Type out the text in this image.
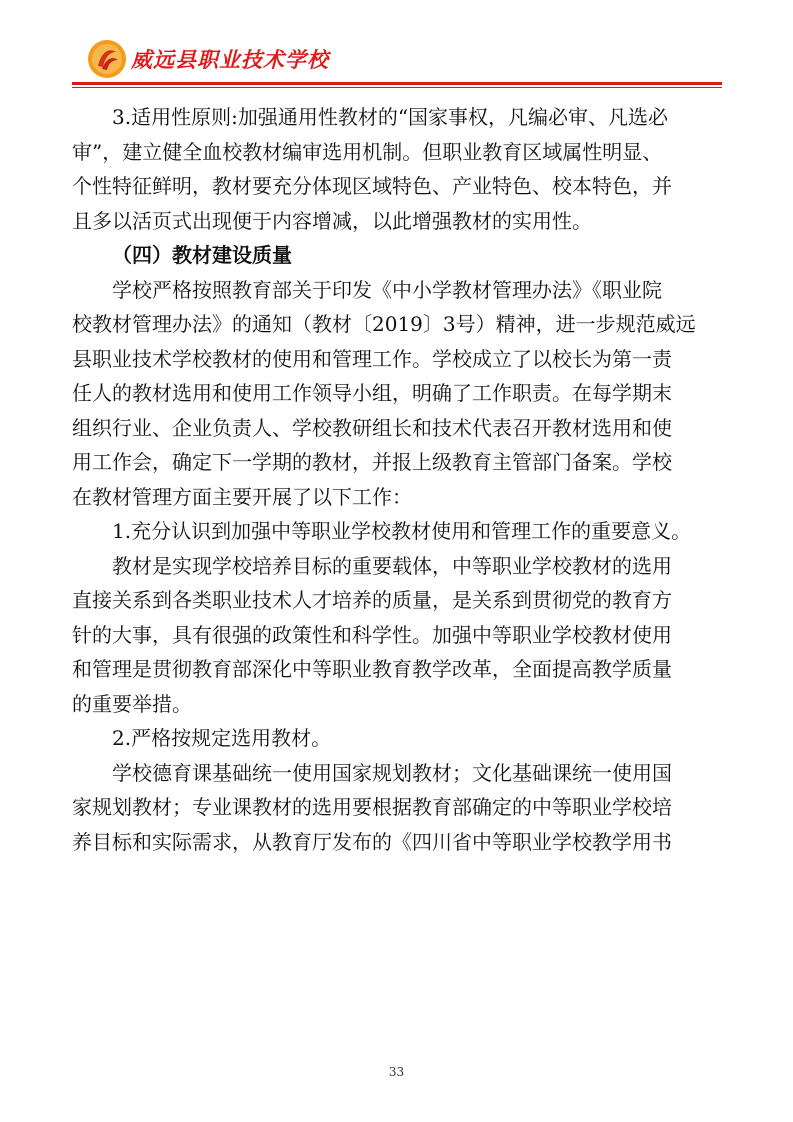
威远县职业技术学校

3.适用性原则:加强通用性教材的“国家事权，凡编必审、凡选必
审”，建立健全血校教材编审选用机制。但职业教育区域属性明显、
个性特征鲜明，教材要充分体现区域特色、产业特色、校本特色，并
且多以活页式出现便于内容增减，以此增强教材的实用性。

（四）教材建设质量

学校严格按照教育部关于印发《中小学教材管理办法》《职业院
校教材管理办法》的通知（教材〔2019〕3号）精神，进一步规范威远
县职业技术学校教材的使用和管理工作。学校成立了以校长为第一责
任人的教材选用和使用工作领导小组，明确了工作职责。在每学期末
组织行业、企业负责人、学校教研组长和技术代表召开教材选用和使
用工作会，确定下一学期的教材，并报上级教育主管部门备案。学校
在教材管理方面主要开展了以下工作：

1.充分认识到加强中等职业学校教材使用和管理工作的重要意义。

教材是实现学校培养目标的重要载体，中等职业学校教材的选用
直接关系到各类职业技术人才培养的质量，是关系到贯彻党的教育方
针的大事，具有很强的政策性和科学性。加强中等职业学校教材使用
和管理是贯彻教育部深化中等职业教育教学改革，全面提高教学质量
的重要举措。

2.严格按规定选用教材。

学校德育课基础统一使用国家规划教材；文化基础课统一使用国
家规划教材；专业课教材的选用要根据教育部确定的中等职业学校培
养目标和实际需求，从教育厅发布的《四川省中等职业学校教学用书

33
